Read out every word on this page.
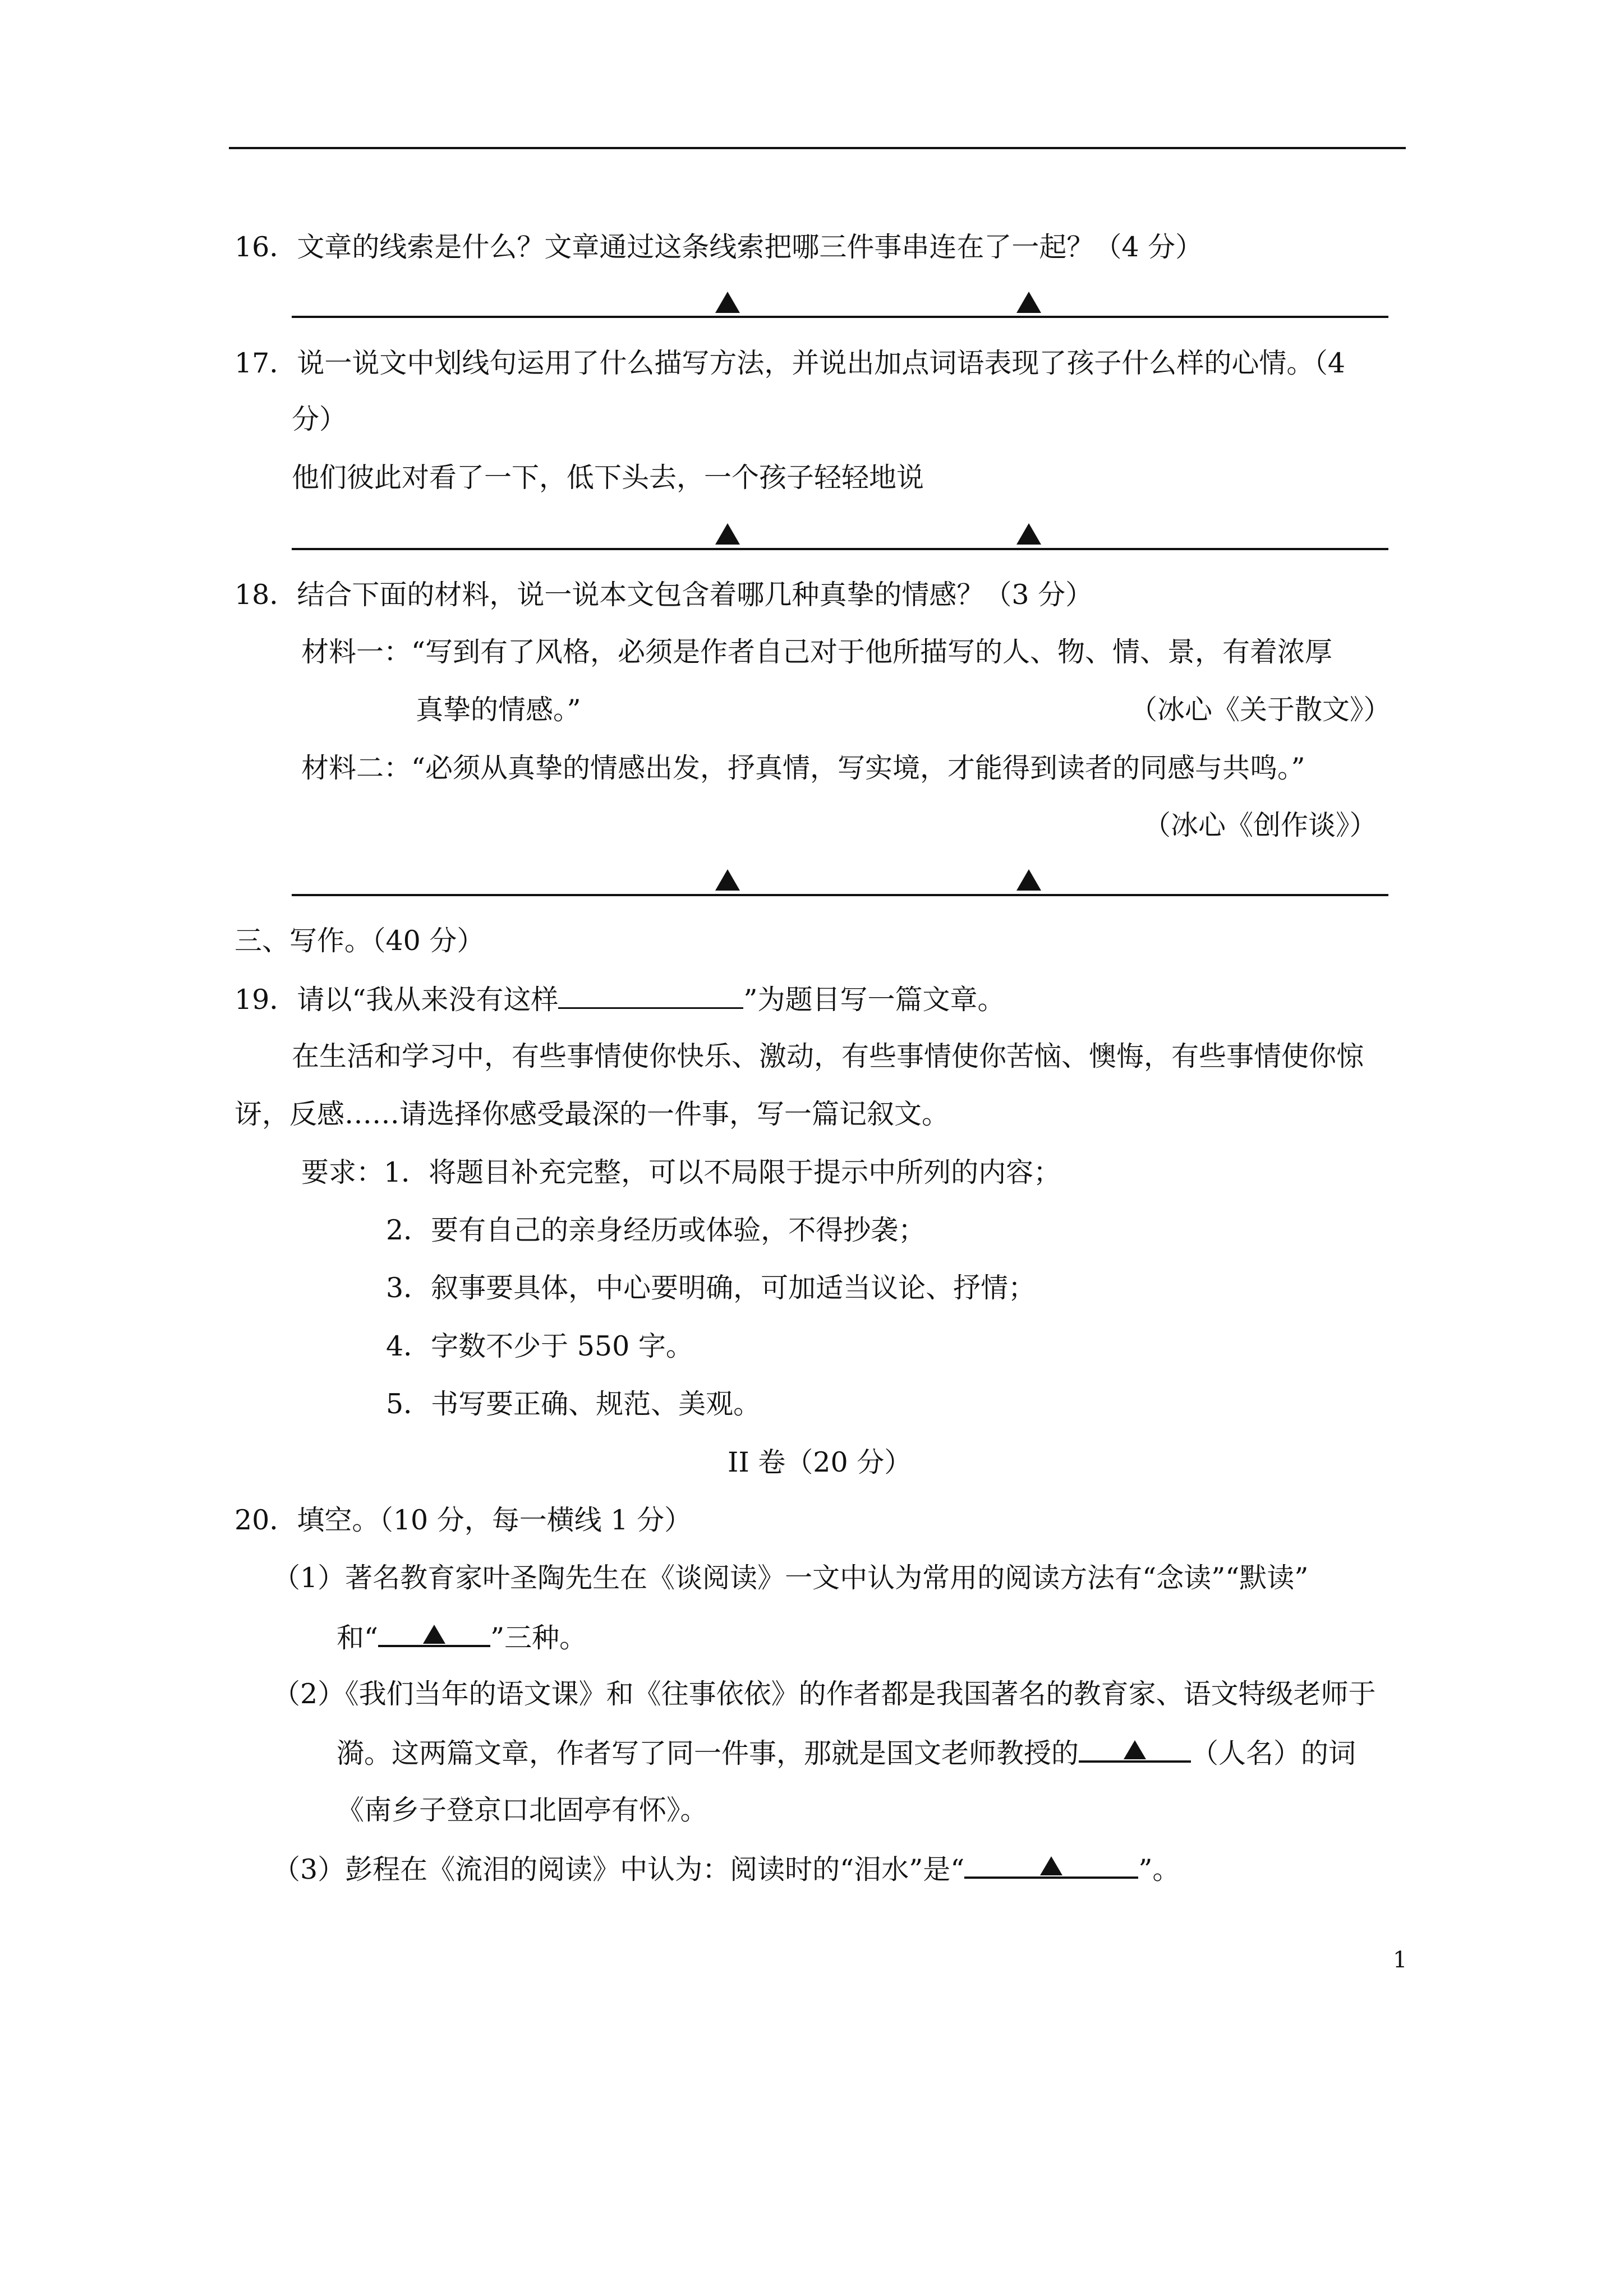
16．文章的线索是什么？文章通过这条线索把哪三件事串连在了一起？（4 分）
17．说一说文中划线句运用了什么描写方法，并说出加点词语表现了孩子什么样的心情。（4
分）
他们彼此对看了一下，低下头去，一个孩子轻轻地说
18．结合下面的材料，说一说本文包含着哪几种真挚的情感？（3 分）
材料一：“写到有了风格，必须是作者自己对于他所描写的人、物、情、景，有着浓厚
真挚的情感。”	（冰心《关于散文》）
材料二：“必须从真挚的情感出发，抒真情，写实境，才能得到读者的同感与共鸣。”
（冰心《创作谈》）
三、写作。（40 分）
19．请以“我从来没有这样	”为题目写一篇文章。
在生活和学习中，有些事情使你快乐、激动，有些事情使你苦恼、懊悔，有些事情使你惊
讶，反感……请选择你感受最深的一件事，写一篇记叙文。
要求：1．将题目补充完整，可以不局限于提示中所列的内容；
2．要有自己的亲身经历或体验，不得抄袭；
3．叙事要具体，中心要明确，可加适当议论、抒情；
4．字数不少于 550 字。
5．书写要正确、规范、美观。
II 卷（20 分）
20．填空。（10 分，每一横线 1 分）
（1）著名教育家叶圣陶先生在《谈阅读》一文中认为常用的阅读方法有“念读”“默读”
和“	”三种。
（2）《我们当年的语文课》和《往事依依》的作者都是我国著名的教育家、语文特级老师于
漪。这两篇文章，作者写了同一件事，那就是国文老师教授的	（人名）的词
《南乡子登京口北固亭有怀》。
（3）彭程在《流泪的阅读》中认为：阅读时的“泪水”是“	”。
1
